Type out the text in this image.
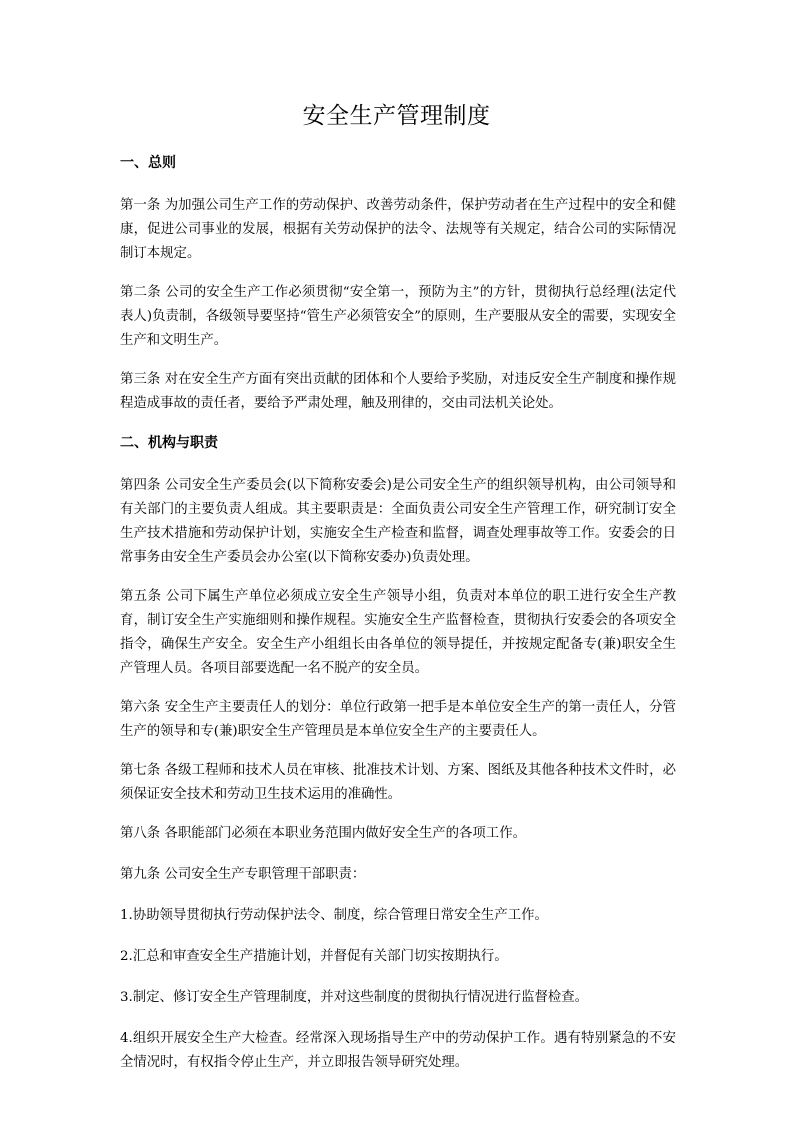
安全生产管理制度
一、总则

第一条 为加强公司生产工作的劳动保护、改善劳动条件，保护劳动者在生产过程中的安全和健康，促进公司事业的发展，根据有关劳动保护的法令、法规等有关规定，结合公司的实际情况制订本规定。

第二条 公司的安全生产工作必须贯彻“安全第一，预防为主”的方针，贯彻执行总经理(法定代表人)负责制，各级领导要坚持“管生产必须管安全”的原则，生产要服从安全的需要，实现安全生产和文明生产。

第三条 对在安全生产方面有突出贡献的团体和个人要给予奖励，对违反安全生产制度和操作规程造成事故的责任者，要给予严肃处理，触及刑律的，交由司法机关论处。

二、机构与职责

第四条 公司安全生产委员会(以下简称安委会)是公司安全生产的组织领导机构，由公司领导和有关部门的主要负责人组成。其主要职责是：全面负责公司安全生产管理工作，研究制订安全生产技术措施和劳动保护计划，实施安全生产检查和监督，调查处理事故等工作。安委会的日常事务由安全生产委员会办公室(以下简称安委办)负责处理。

第五条 公司下属生产单位必须成立安全生产领导小组，负责对本单位的职工进行安全生产教育，制订安全生产实施细则和操作规程。实施安全生产监督检查，贯彻执行安委会的各项安全指令，确保生产安全。安全生产小组组长由各单位的领导提任，并按规定配备专(兼)职安全生产管理人员。各项目部要选配一名不脱产的安全员。

第六条 安全生产主要责任人的划分：单位行政第一把手是本单位安全生产的第一责任人，分管生产的领导和专(兼)职安全生产管理员是本单位安全生产的主要责任人。

第七条 各级工程师和技术人员在审核、批准技术计划、方案、图纸及其他各种技术文件时，必须保证安全技术和劳动卫生技术运用的准确性。

第八条 各职能部门必须在本职业务范围内做好安全生产的各项工作。

第九条 公司安全生产专职管理干部职责：

1.协助领导贯彻执行劳动保护法令、制度，综合管理日常安全生产工作。

2.汇总和审查安全生产措施计划，并督促有关部门切实按期执行。

3.制定、修订安全生产管理制度，并对这些制度的贯彻执行情况进行监督检查。

4.组织开展安全生产大检查。经常深入现场指导生产中的劳动保护工作。遇有特别紧急的不安全情况时，有权指令停止生产，并立即报告领导研究处理。
